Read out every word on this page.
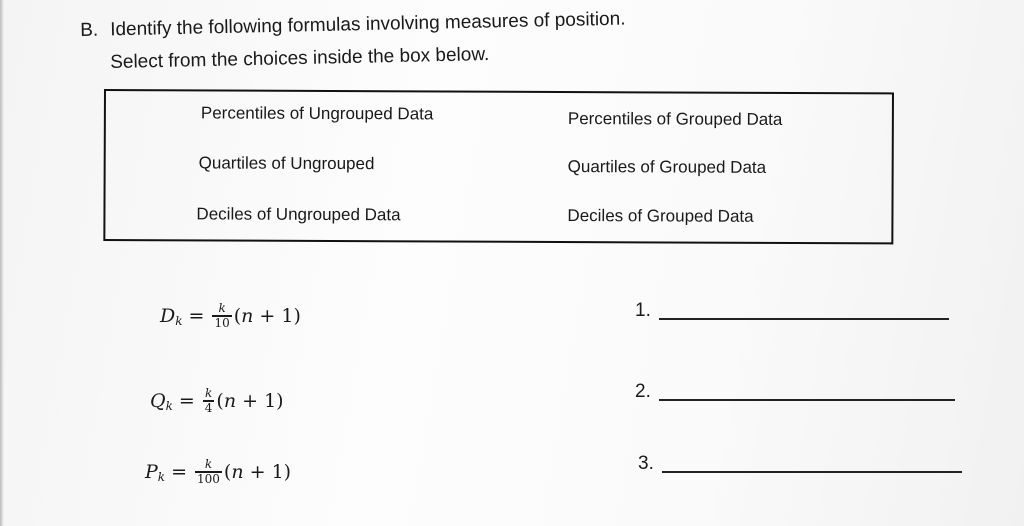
B. Identify the following formulas involving measures of position.
Select from the choices inside the box below.
Percentiles of Ungrouped Data	Percentiles of Grouped Data
Quartiles of Ungrouped	Quartiles of Grouped Data
Deciles of Ungrouped Data	Deciles of Grouped Data
D $k = \frac{k}{10} (n + 1)$
Q $k = \frac{k}{4} (n + 1)$
P $k = \frac{k}{100} (n + 1)$
1.
2.
3.
